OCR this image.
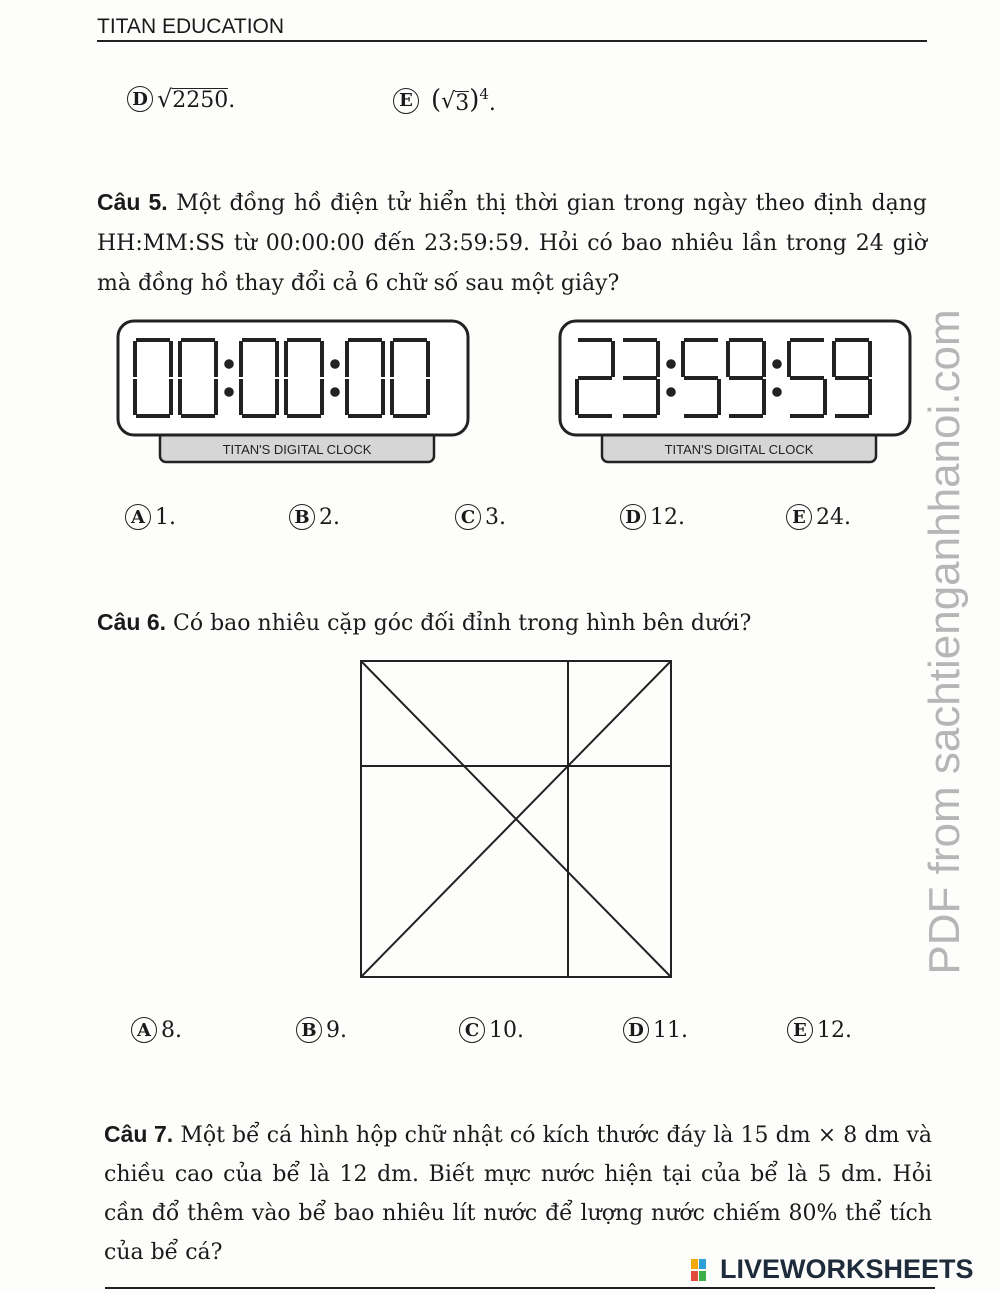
TITAN EDUCATION
D √ 2250 .	E ( √ 3 )$^4$ .
Câu 5. Một đồng hồ điện tử hiển thị thời gian trong ngày theo định dạng HH:MM:SS từ 00:00:00 đến 23:59:59. Hỏi có bao nhiêu lần trong 24 giờ mà đồng hồ thay đổi cả 6 chữ số sau một giây?
TITAN'S DIGITAL CLOCK	TITAN'S DIGITAL CLOCK
A 1.	B 2.	C 3.	D 12.	E 24.
Câu 6. Có bao nhiêu cặp góc đối đỉnh trong hình bên dưới?
A 8.	B 9.	C 10.	D 11.	E 12.
Câu 7. Một bể cá hình hộp chữ nhật có kích thước đáy là 15 dm × 8 dm và chiều cao của bể là 12 dm. Biết mực nước hiện tại của bể là 5 dm. Hỏi cần đổ thêm vào bể bao nhiêu lít nước để lượng nước chiếm 80% thể tích của bể cá?
PDF from sachtienganhhanoi.com
LIVEWORKSHEETS
